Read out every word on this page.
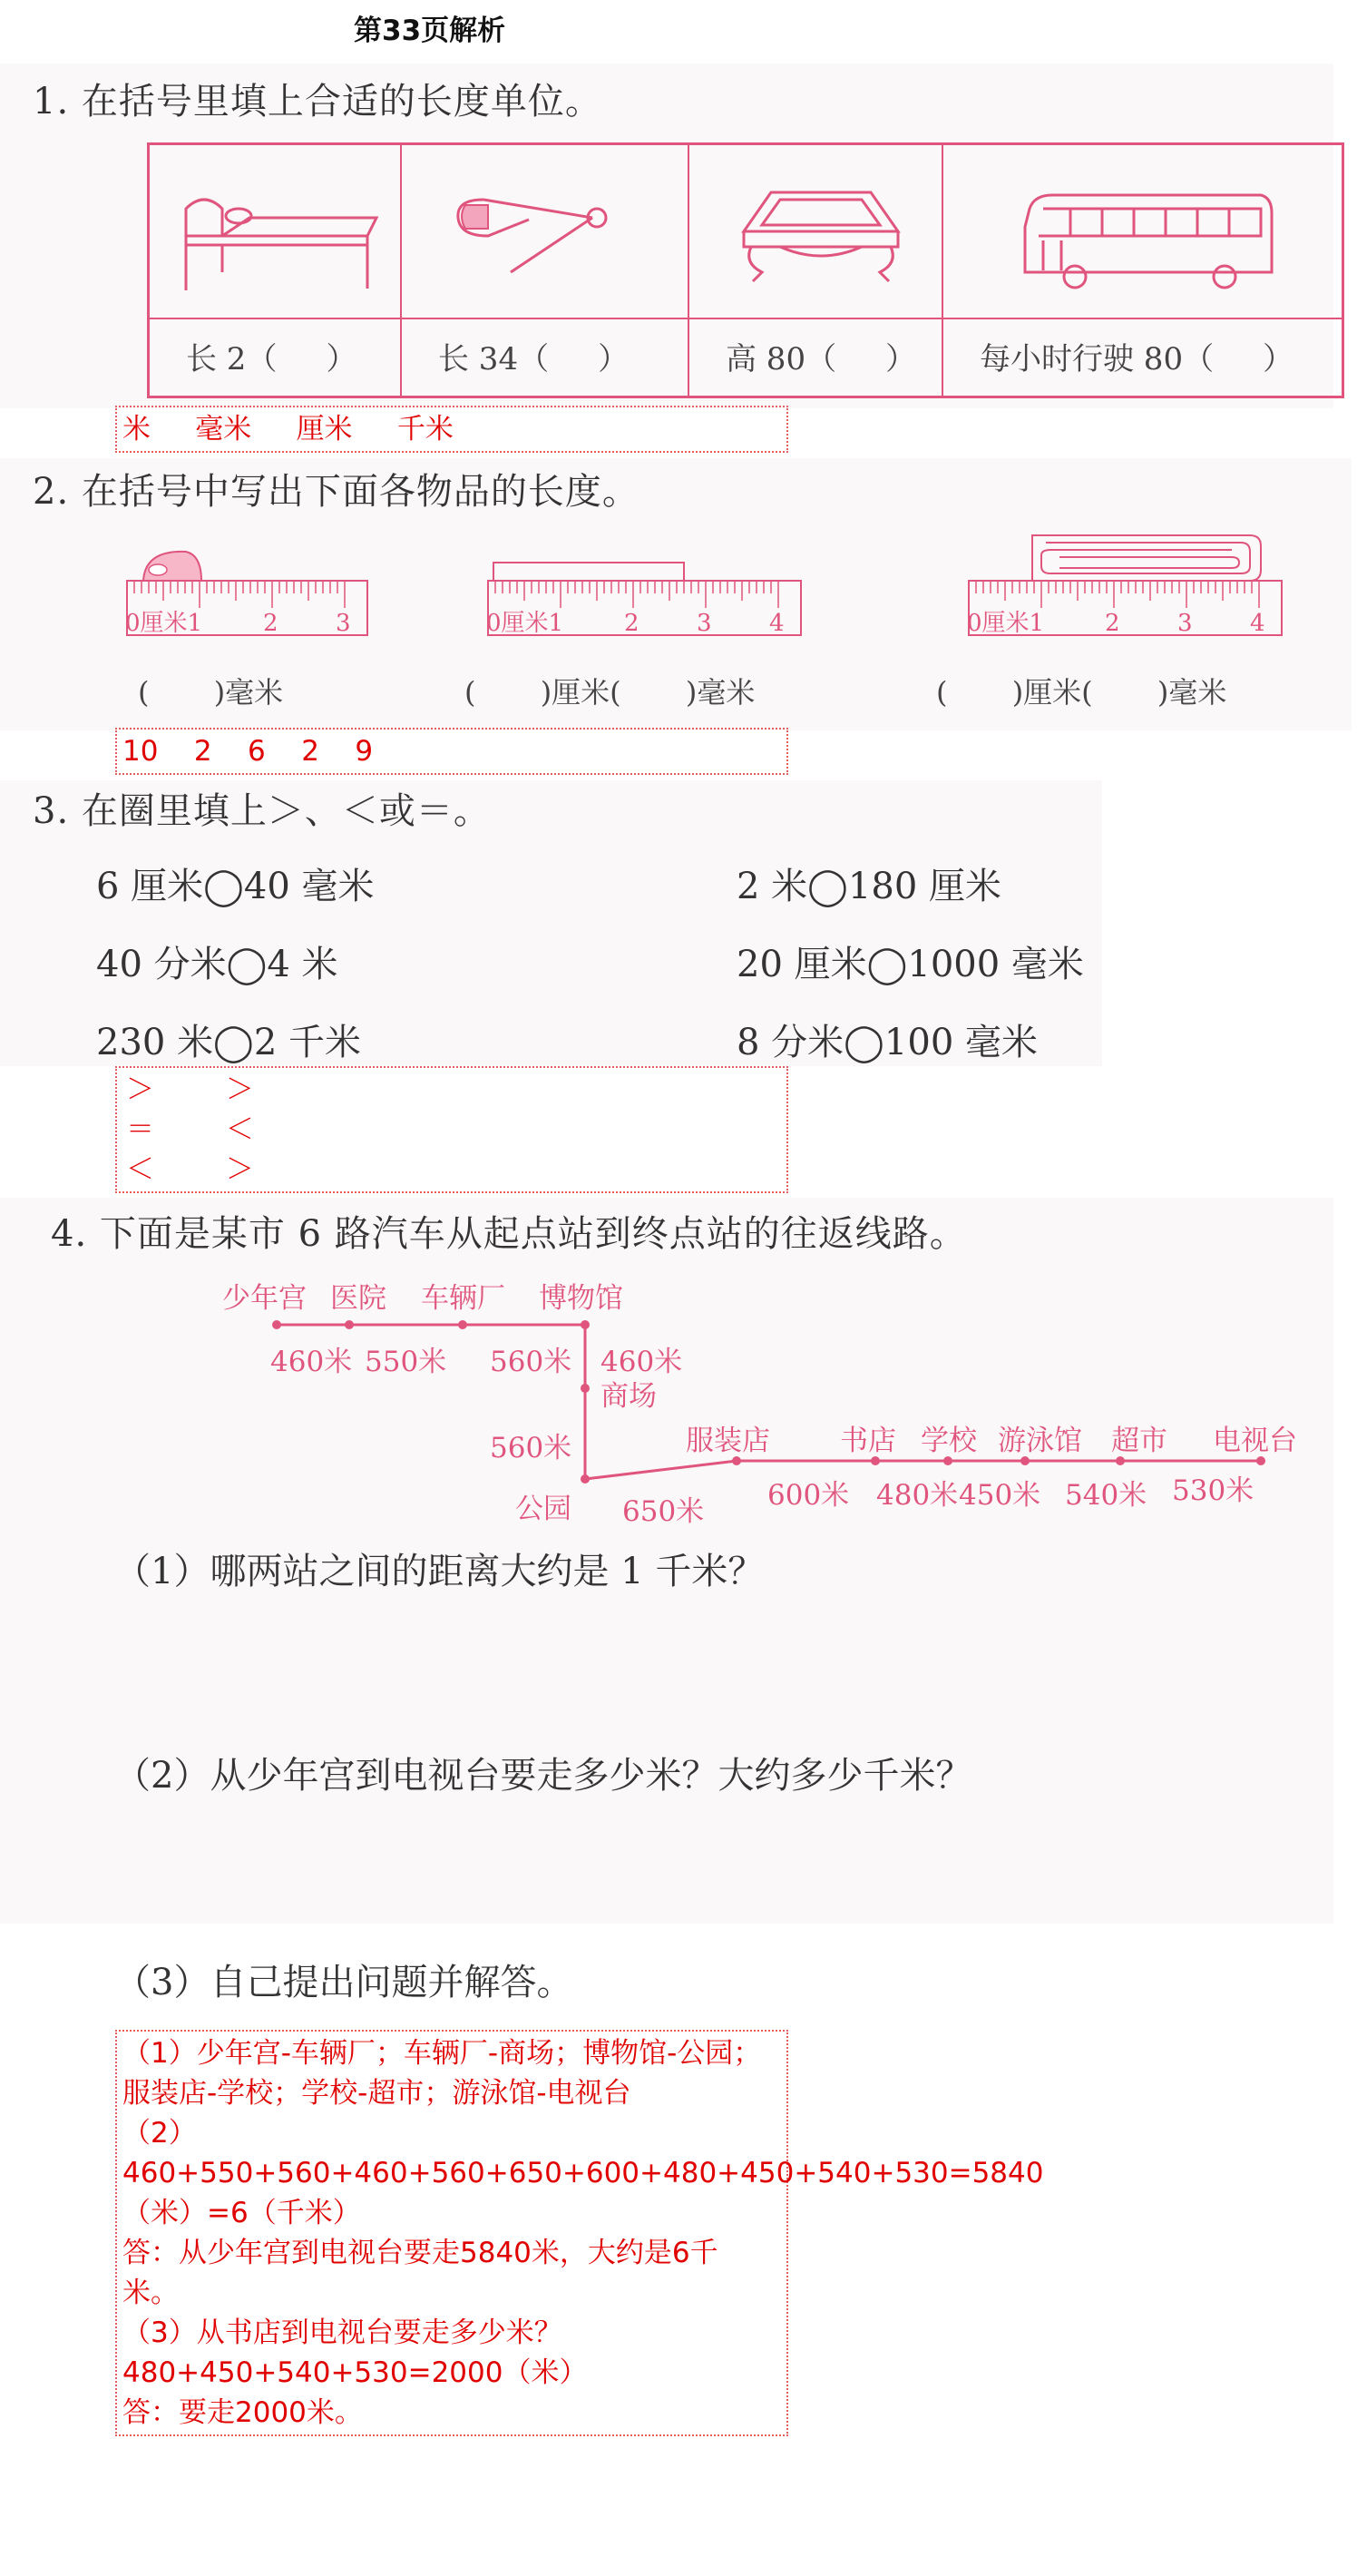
第33页解析
1. 在括号里填上合适的长度单位。
长 2（     ）	长 34（     ）	高 80（     ）	每小时行驶 80（     ）
米 毫米 厘米 千米
2. 在括号中写出下面各物品的长度。
0厘米1	2 3	0厘米1	2 3 4	0厘米1	2 3 4
(       )毫米	(       )厘米(       )毫米	(       )厘米(       )毫米
10 2 6 2 9
3. 在圈里填上＞、＜或＝。
6 厘米◯40 毫米	2 米◯180 厘米
40 分米◯4 米	20 厘米◯1000 毫米
230 米◯2 千米	8 分米◯100 毫米
＞	＞
＝	＜
＜	＞
4. 下面是某市 6 路汽车从起点站到终点站的往返线路。
少年宫 医院 车辆厂 博物馆
商场
公园
服装店 书店 学校 游泳馆 超市 电视台
460米 550米 560米 460米
560米
650米 600米 480米 450米 540米 530米
（1）哪两站之间的距离大约是 1 千米？
（2）从少年宫到电视台要走多少米？大约多少千米？
（3）自己提出问题并解答。
（1）少年宫-车辆厂；车辆厂-商场；博物馆-公园；
服装店-学校；学校-超市；游泳馆-电视台
（2）
460+550+560+460+560+650+600+480+450+540+530=5840
（米）=6（千米）
答：从少年宫到电视台要走5840米，大约是6千
米。
（3）从书店到电视台要走多少米？
480+450+540+530=2000（米）
答：要走2000米。
